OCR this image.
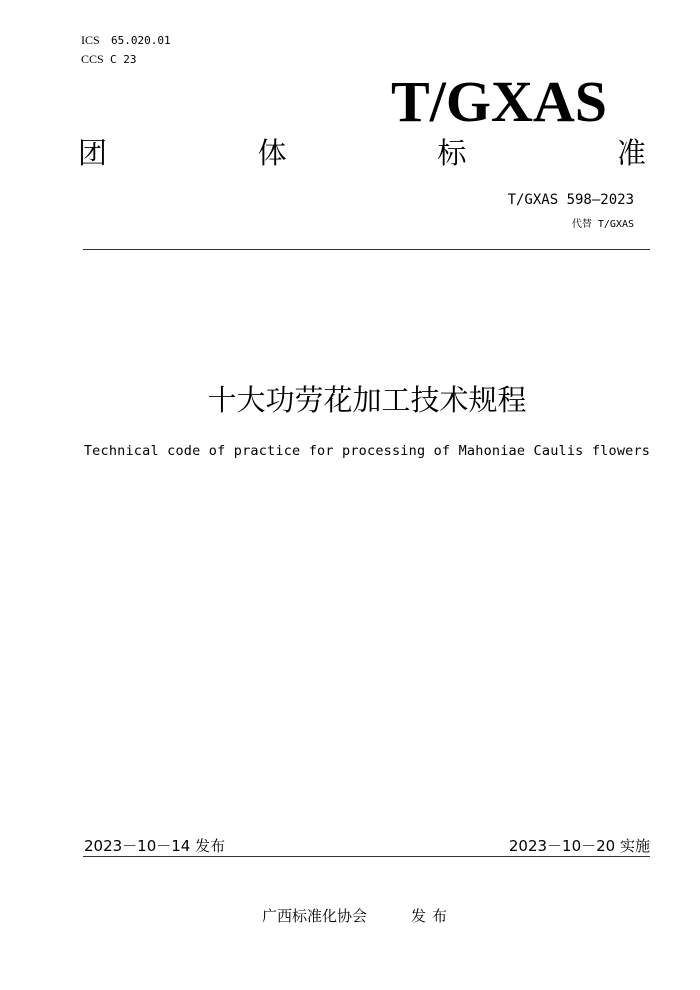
ICS 65.020.01
CCS C 23
T/GXAS
团	体	标	准
T/GXAS 598—2023
代替 T/GXAS
十大功劳花加工技术规程
Technical code of practice for processing of Mahoniae Caulis flowers
2023－10－14 发布	2023－10－20 实施
广西标准化协会	发布
